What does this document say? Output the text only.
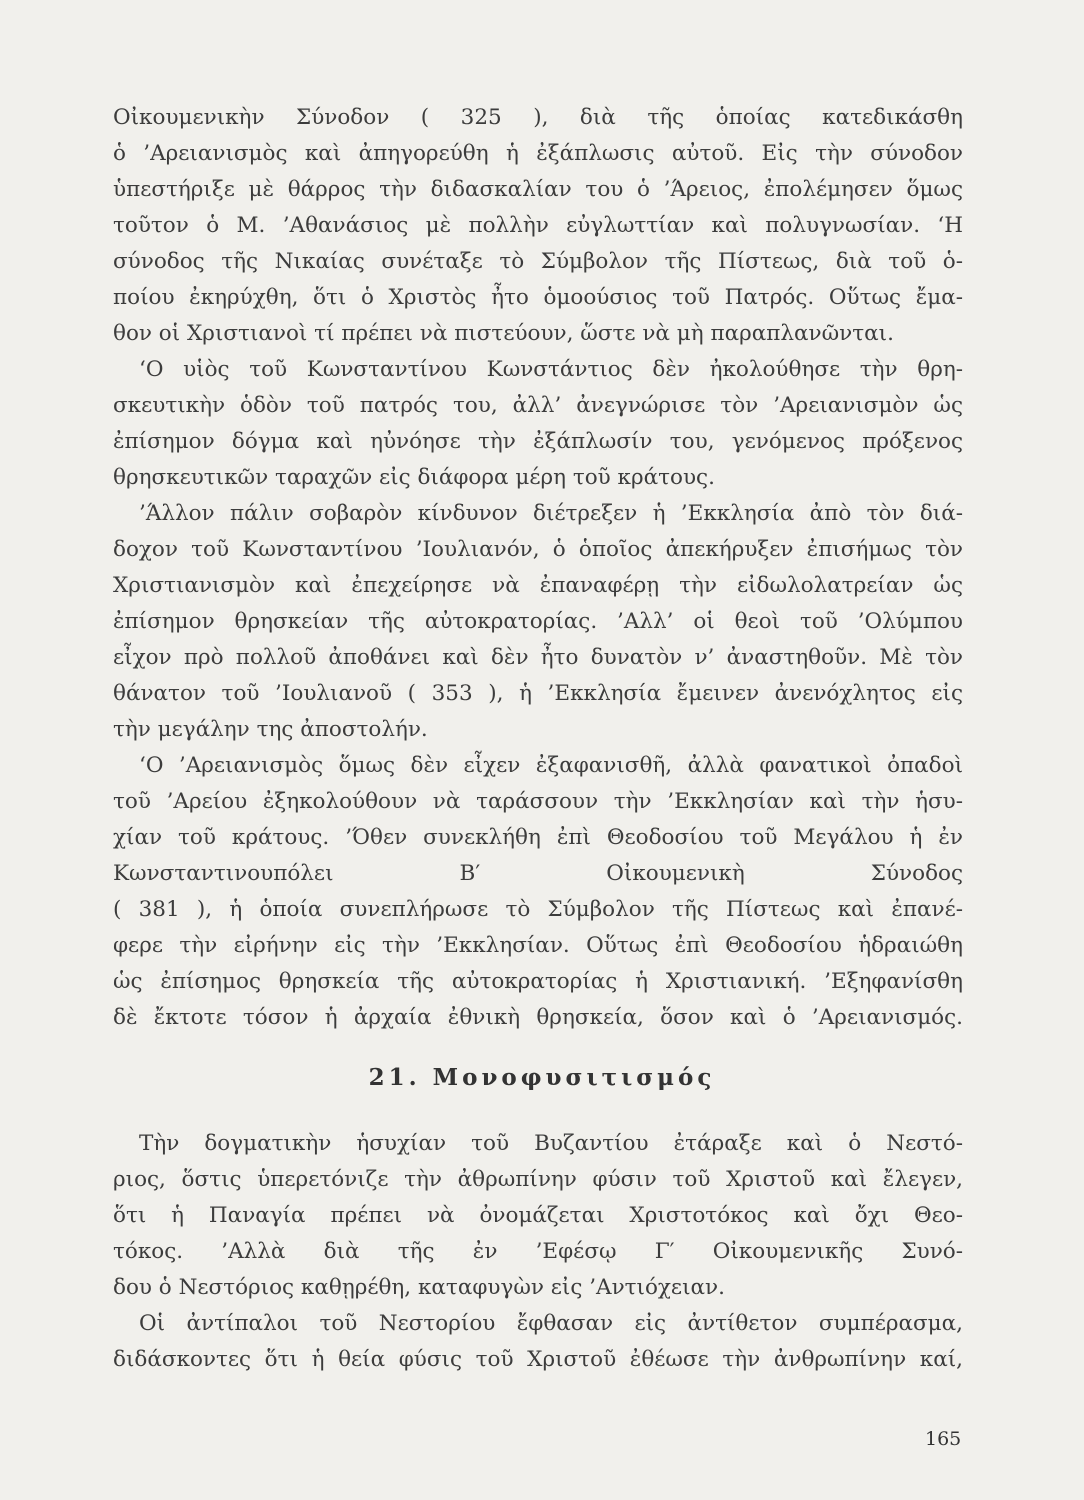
Οἰκουμενικὴν Σύνοδον ( 325 ), διὰ τῆς ὁποίας κατεδικάσθη
ὁ ’Αρειανισμὸς καὶ ἀπηγορεύθη ἡ ἐξάπλωσις αὐτοῦ. Εἰς τὴν σύνοδον
ὑπεστήριξε μὲ θάρρος τὴν διδασκαλίαν του ὁ ’Άρειος, ἐπολέμησεν ὅμως
τοῦτον ὁ Μ. ’Αθανάσιος μὲ πολλὴν εὐγλωττίαν καὶ πολυγνωσίαν. ‘Η
σύνοδος τῆς Νικαίας συνέταξε τὸ Σύμβολον τῆς Πίστεως, διὰ τοῦ ὁ-
ποίου ἐκηρύχθη, ὅτι ὁ Χριστὸς ἦτο ὁμοούσιος τοῦ Πατρός. Οὕτως ἔμα-
θον οἱ Χριστιανοὶ τί πρέπει νὰ πιστεύουν, ὥστε νὰ μὴ παραπλανῶνται.
‘Ο υἱὸς τοῦ Κωνσταντίνου Κωνστάντιος δὲν ἠκολούθησε τὴν θρη-
σκευτικὴν ὁδὸν τοῦ πατρός του, ἀλλ’ ἀνεγνώρισε τὸν ’Αρειανισμὸν ὡς
ἐπίσημον δόγμα καὶ ηὐνόησε τὴν ἐξάπλωσίν του, γενόμενος πρόξενος
θρησκευτικῶν ταραχῶν εἰς διάφορα μέρη τοῦ κράτους.
’Άλλον πάλιν σοβαρὸν κίνδυνον διέτρεξεν ἡ ’Εκκλησία ἀπὸ τὸν διά-
δοχον τοῦ Κωνσταντίνου ’Ιουλιανόν, ὁ ὁποῖος ἀπεκήρυξεν ἐπισήμως τὸν
Χριστιανισμὸν καὶ ἐπεχείρησε νὰ ἐπαναφέρῃ τὴν εἰδωλολατρείαν ὡς
ἐπίσημον θρησκείαν τῆς αὐτοκρατορίας. ’Αλλ’ οἱ θεοὶ τοῦ ’Ολύμπου
εἶχον πρὸ πολλοῦ ἀποθάνει καὶ δὲν ἦτο δυνατὸν ν’ ἀναστηθοῦν. Μὲ τὸν
θάνατον τοῦ ’Ιουλιανοῦ ( 353 ), ἡ ’Εκκλησία ἔμεινεν ἀνενόχλητος εἰς
τὴν μεγάλην της ἀποστολήν.
‘Ο ’Αρειανισμὸς ὅμως δὲν εἶχεν ἐξαφανισθῆ, ἀλλὰ φανατικοὶ ὀπαδοὶ
τοῦ ’Αρείου ἐξηκολούθουν νὰ ταράσσουν τὴν ’Εκκλησίαν καὶ τὴν ἡσυ-
χίαν τοῦ κράτους. ’Όθεν συνεκλήθη ἐπὶ Θεοδοσίου τοῦ Μεγάλου ἡ ἐν
Κωνσταντινουπόλει Β′ Οἰκουμενικὴ Σύνοδος
( 381 ), ἡ ὁποία συνεπλήρωσε τὸ Σύμβολον τῆς Πίστεως καὶ ἐπανέ-
φερε τὴν εἰρήνην εἰς τὴν ’Εκκλησίαν. Οὕτως ἐπὶ Θεοδοσίου ἡδραιώθη
ὡς ἐπίσημος θρησκεία τῆς αὐτοκρατορίας ἡ Χριστιανική. ’Εξηφανίσθη
δὲ ἔκτοτε τόσον ἡ ἀρχαία ἐθνικὴ θρησκεία, ὅσον καὶ ὁ ’Αρειανισμός.
21. Μονοφυσιτισμός
Τὴν δογματικὴν ἡσυχίαν τοῦ Βυζαντίου ἐτάραξε καὶ ὁ Νεστό-
ριος, ὅστις ὑπερετόνιζε τὴν ἀθρωπίνην φύσιν τοῦ Χριστοῦ καὶ ἔλεγεν,
ὅτι ἡ Παναγία πρέπει νὰ ὀνομάζεται Χριστοτόκος καὶ ὄχι Θεο-
τόκος. ’Αλλὰ διὰ τῆς ἐν ’Εφέσῳ Γ′ Οἰκουμενικῆς Συνό-
δου ὁ Νεστόριος καθῃρέθη, καταφυγὼν εἰς ’Αντιόχειαν.
Οἱ ἀντίπαλοι τοῦ Νεστορίου ἔφθασαν εἰς ἀντίθετον συμπέρασμα,
διδάσκοντες ὅτι ἡ θεία φύσις τοῦ Χριστοῦ ἐθέωσε τὴν ἀνθρωπίνην καί,
165
